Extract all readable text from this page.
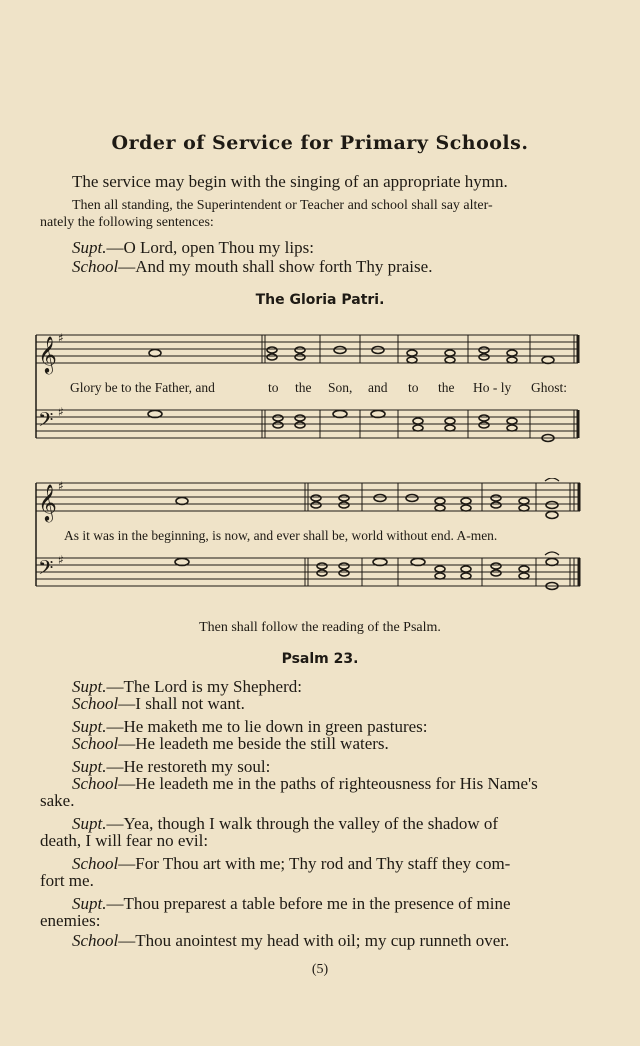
Order of Service for Primary Schools.
The service may begin with the singing of an appropriate hymn.
Then all standing, the Superintendent or Teacher and school shall say alter-
nately the following sentences:
Supt.—O Lord, open Thou my lips:
School—And my mouth shall show forth Thy praise.
The Gloria Patri.
𝄞 ♯
𝄢 ♯
Glory be to the Father, and	to the Son, and to the Ho - ly Ghost:
𝄞 ♯
𝄢 ♯
As it was in the beginning, is now, and ever shall be, world without end. A-men.
Then shall follow the reading of the Psalm.
Psalm 23.
Supt.—The Lord is my Shepherd:
School—I shall not want.
Supt.—He maketh me to lie down in green pastures:
School—He leadeth me beside the still waters.
Supt.—He restoreth my soul:
School—He leadeth me in the paths of righteousness for His Name's
sake.
Supt.—Yea, though I walk through the valley of the shadow of
death, I will fear no evil:
School—For Thou art with me; Thy rod and Thy staff they com-
fort me.
Supt.—Thou preparest a table before me in the presence of mine
enemies:
School—Thou anointest my head with oil; my cup runneth over.
(5)
